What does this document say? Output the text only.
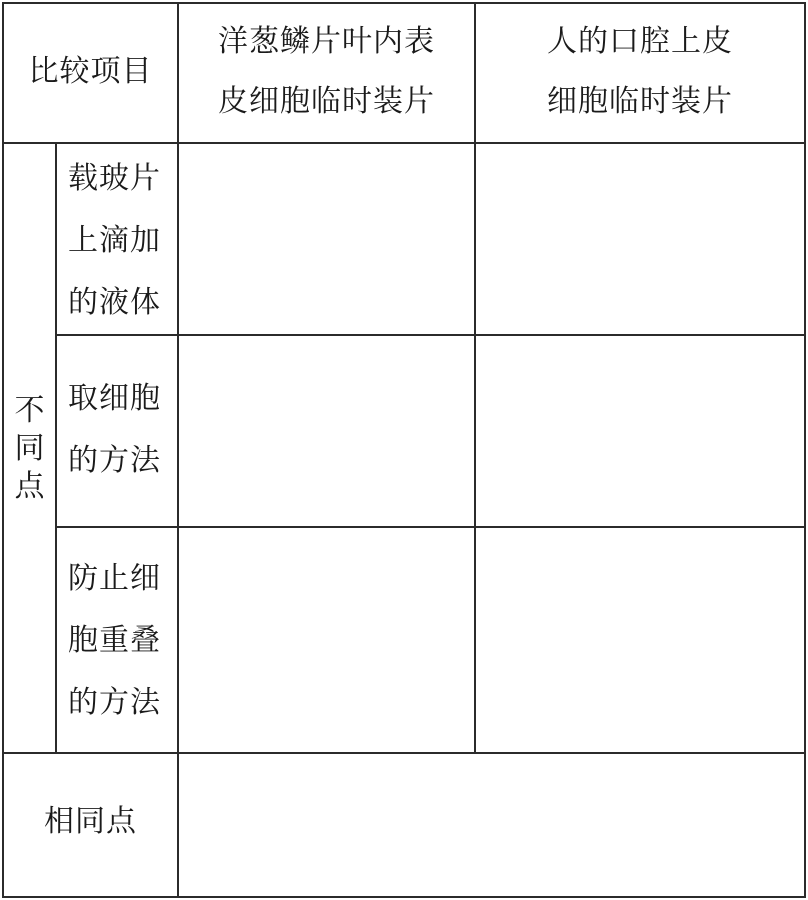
比较项目
洋葱鳞片叶内表
皮细胞临时装片
人的口腔上皮
细胞临时装片
不
同
点
载玻片
上滴加
的液体
取细胞
的方法
防止细
胞重叠
的方法
相同点
